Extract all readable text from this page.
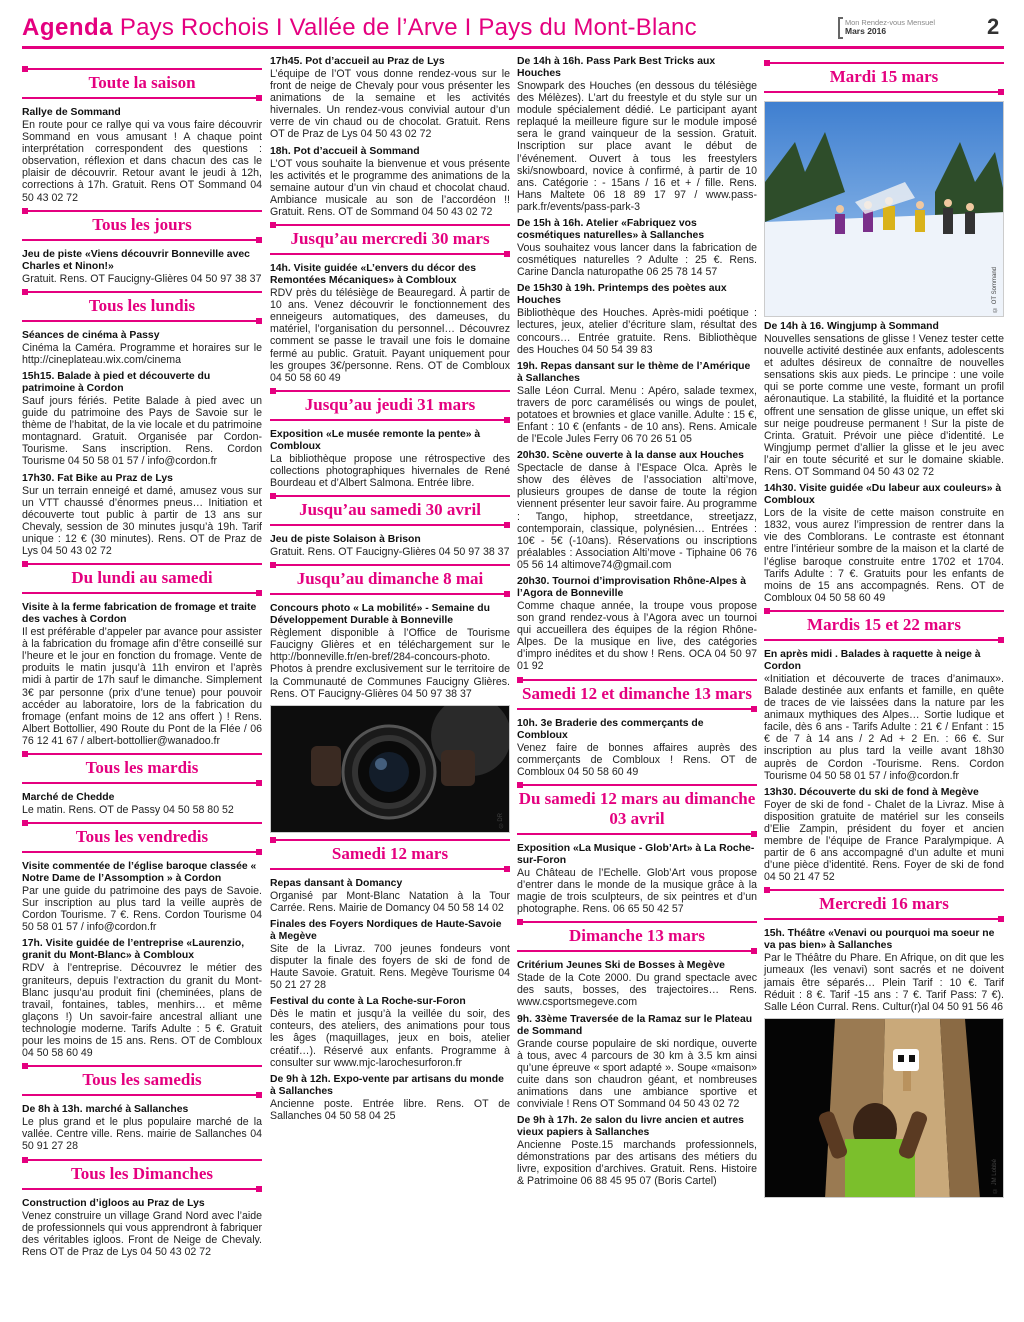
Agenda Pays Rochois I Vallée de l’Arve I Pays du Mont-Blanc	Mon Rendez-vous Mensuel
Mars 2016	2
Toute la saison
Rallye de Sommand

En route pour ce rallye qui va vous faire découvrir Sommand en vous amusant ! A chaque point interprétation correspondent des questions : observation, réflexion et dans chacun des cas le plaisir de découvrir. Retour avant le jeudi à 12h, corrections à 17h. Gratuit. Rens OT Sommand 04 50 43 02 72

Tous les jours
Jeu de piste «Viens découvrir Bonneville avec Charles et Ninon!»

Gratuit. Rens. OT Faucigny-Glières 04 50 97 38 37

Tous les lundis
Séances de cinéma à Passy

Cinéma la Caméra. Programme et horaires sur le http://cineplateau.wix.com/cinema

15h15. Balade à pied et découverte du patrimoine à Cordon

Sauf jours fériés. Petite Balade à pied avec un guide du patrimoine des Pays de Savoie sur le thème de l’habitat, de la vie locale et du patrimoine montagnard. Gratuit. Organisée par Cordon-Tourisme. Sans inscription. Rens. Cordon Tourisme 04 50 58 01 57 / info@cordon.fr

17h30. Fat Bike au Praz de Lys

Sur un terrain enneigé et damé, amusez vous sur un VTT chaussé d’énormes pneus… Initiation et découverte tout public à partir de 13 ans sur Chevaly, session de 30 minutes jusqu’à 19h. Tarif unique : 12 € (30 minutes). Rens. OT de Praz de Lys 04 50 43 02 72

Du lundi au samedi
Visite à la ferme fabrication de fromage et traite des vaches à Cordon

Il est préférable d’appeler par avance pour assister à la fabrication du fromage afin d’être conseillé sur l’heure et le jour en fonction du fromage. Vente de produits le matin jusqu’à 11h environ et l’après midi à partir de 17h sauf le dimanche. Simplement 3€ par personne (prix d’une tenue) pour pouvoir accéder au laboratoire, lors de la fabrication du fromage (enfant moins de 12 ans offert ) ! Rens. Albert Bottollier, 490 Route du Pont de la Flée / 06 76 12 41 67 / albert-bottollier@wanadoo.fr

Tous les mardis
Marché de Chedde

Le matin. Rens. OT de Passy 04 50 58 80 52

Tous les vendredis
Visite commentée de l’église baroque classée « Notre Dame de l’Assomption » à Cordon

Par une guide du patrimoine des pays de Savoie. Sur inscription au plus tard la veille auprès de Cordon Tourisme. 7 €. Rens. Cordon Tourisme 04 50 58 01 57 / info@cordon.fr

17h. Visite guidée de l’entreprise «Laurenzio, granit du Mont-Blanc» à Combloux

RDV à l’entreprise. Découvrez le métier des graniteurs, depuis l’extraction du granit du Mont-Blanc jusqu’au produit fini (cheminées, plans de travail, fontaines, tables, menhirs… et même glaçons !) Un savoir-faire ancestral alliant une technologie moderne. Tarifs Adulte : 5 €. Gratuit pour les moins de 15 ans. Rens. OT de Combloux 04 50 58 60 49

Tous les samedis
De 8h à 13h. marché à Sallanches

Le plus grand et le plus populaire marché de la vallée. Centre ville. Rens. mairie de Sallanches 04 50 91 27 28

Tous les Dimanches
Construction d’igloos au Praz de Lys

Venez construire un village Grand Nord avec l’aide de professionnels qui vous apprendront à fabriquer des véritables igloos. Front de Neige de Chevaly. Rens OT de Praz de Lys 04 50 43 02 72

17h45. Pot d’accueil au Praz de Lys

L’équipe de l’OT vous donne rendez-vous sur le front de neige de Chevaly pour vous présenter les animations de la semaine et les activités hivernales. Un rendez-vous convivial autour d’un verre de vin chaud ou de chocolat. Gratuit. Rens OT de Praz de Lys 04 50 43 02 72

18h. Pot d’accueil à Sommand

L’OT vous souhaite la bienvenue et vous présente les activités et le programme des animations de la semaine autour d’un vin chaud et chocolat chaud. Ambiance musicale au son de l’accordéon !! Gratuit. Rens. OT de Sommand 04 50 43 02 72

Jusqu’au mercredi 30 mars
14h. Visite guidée «L’envers du décor des Remontées Mécaniques» à Combloux

RDV près du télésiège de Beauregard. À partir de 10 ans. Venez découvrir le fonctionnement des enneigeurs automatiques, des dameuses, du matériel, l’organisation du personnel… Découvrez comment se passe le travail une fois le domaine fermé au public. Gratuit. Payant uniquement pour les groupes 3€/personne. Rens. OT de Combloux 04 50 58 60 49

Jusqu’au jeudi 31 mars
Exposition «Le musée remonte la pente» à Combloux

La bibliothèque propose une rétrospective des collections photographiques hivernales de René Bourdeau et d’Albert Salmona. Entrée libre.

Jusqu’au samedi 30 avril
Jeu de piste Solaison à Brison

Gratuit. Rens. OT Faucigny-Glières 04 50 97 38 37

Jusqu’au dimanche 8 mai
Concours photo « La mobilité» - Semaine du Développement Durable à Bonneville

Règlement disponible à l’Office de Tourisme Faucigny Glières et en téléchargement sur le http://bonneville.fr/en-bref/284-concours-photo. Photos à prendre exclusivement sur le territoire de la Communauté de Communes Faucigny Glières. Rens. OT Faucigny-Glières 04 50 97 38 37

©DR
Samedi 12 mars
Repas dansant à Domancy

Organisé par Mont-Blanc Natation à la Tour Carrée. Rens. Mairie de Domancy 04 50 58 14 02

Finales des Foyers Nordiques de Haute-Savoie à Megève

Site de la Livraz. 700 jeunes fondeurs vont disputer la finale des foyers de ski de fond de Haute Savoie. Gratuit. Rens. Megève Tourisme 04 50 21 27 28

Festival du conte à La Roche-sur-Foron

Dès le matin et jusqu’à la veillée du soir, des conteurs, des ateliers, des animations pour tous les âges (maquillages, jeux en bois, atelier créatif…). Réservé aux enfants. Programme à consulter sur www.mjc-larochesurforon.fr

De 9h à 12h. Expo-vente par artisans du monde à Sallanches

Ancienne poste. Entrée libre. Rens. OT de Sallanches 04 50 58 04 25

De 14h à 16h. Pass Park Best Tricks aux Houches

Snowpark des Houches (en dessous du télésiège des Mélèzes). L’art du freestyle et du style sur un module spécialement dédié. Le participant ayant replaqué la meilleure figure sur le module imposé sera le grand vainqueur de la session. Gratuit. Inscription sur place avant le début de l’événement. Ouvert à tous les freestylers ski/snowboard, novice à confirmé, à partir de 10 ans. Catégorie : - 15ans / 16 et + / fille. Rens. Hans Maltete 06 18 89 17 97 / www.pass-park.fr/events/pass-park-3

De 15h à 16h. Atelier «Fabriquez vos cosmétiques naturelles» à Sallanches

Vous souhaitez vous lancer dans la fabrication de cosmétiques naturelles ? Adulte : 25 €. Rens. Carine Dancla naturopathe 06 25 78 14 57

De 15h30 à 19h. Printemps des poètes aux Houches

Bibliothèque des Houches. Après-midi poétique : lectures, jeux, atelier d’écriture slam, résultat des concours… Entrée gratuite. Rens. Bibliothèque des Houches 04 50 54 39 83

19h. Repas dansant sur le thème de l’Amérique à Sallanches

Salle Léon Curral. Menu : Apéro, salade texmex, travers de porc caramélisés ou wings de poulet, potatoes et brownies et glace vanille. Adulte : 15 €, Enfant : 10 € (enfants - de 10 ans). Rens. Amicale de l’Ecole Jules Ferry 06 70 26 51 05

20h30. Scène ouverte à la danse aux Houches

Spectacle de danse à l’Espace Olca. Après le show des élèves de l’association alti’move, plusieurs groupes de danse de toute la région viennent présenter leur savoir faire. Au programme : Tango, hiphop, streetdance, streetjazz, contemporain, classique, polynésien… Entrées : 10€ - 5€ (-10ans). Réservations ou inscriptions préalables : Association Alti’move - Tiphaine 06 76 05 56 14 altimove74@gmail.com

20h30. Tournoi d’improvisation Rhône-Alpes à l’Agora de Bonneville

Comme chaque année, la troupe vous propose son grand rendez-vous à l’Agora avec un tournoi qui accueillera des équipes de la région Rhône-Alpes. De la musique en live, des catégories d’impro inédites et du show ! Rens. OCA 04 50 97 01 92

Samedi 12 et dimanche 13 mars
10h. 3e Braderie des commerçants de Combloux

Venez faire de bonnes affaires auprès des commerçants de Combloux ! Rens. OT de Combloux 04 50 58 60 49

Du samedi 12 mars au dimanche 03 avril
Exposition «La Musique - Glob’Art» à La Roche-sur-Foron

Au Château de l’Echelle. Glob’Art vous propose d’entrer dans le monde de la musique grâce à la magie de trois sculpteurs, de six peintres et d’un photographe. Rens. 06 65 50 42 57

Dimanche 13 mars
Critérium Jeunes Ski de Bosses à Megève

Stade de la Cote 2000. Du grand spectacle avec des sauts, bosses, des trajectoires… Rens. www.csportsmegeve.com

9h. 33ème Traversée de la Ramaz sur le Plateau de Sommand

Grande course populaire de ski nordique, ouverte à tous, avec 4 parcours de 30 km à 3.5 km ainsi qu’une épreuve « sport adapté ». Soupe «maison» cuite dans son chaudron géant, et nombreuses animations dans une ambiance sportive et conviviale ! Rens OT Sommand 04 50 43 02 72

De 9h à 17h. 2e salon du livre ancien et autres vieux papiers à Sallanches

Ancienne Poste.15 marchands professionnels, démonstrations par des artisans des métiers du livre, exposition d’archives. Gratuit. Rens. Histoire & Patrimoine 06 88 45 95 07 (Boris Cartel)

Mardi 15 mars
© OT Sommand
De 14h à 16. Wingjump à Sommand

Nouvelles sensations de glisse ! Venez tester cette nouvelle activité destinée aux enfants, adolescents et adultes désireux de connaître de nouvelles sensations skis aux pieds. Le principe : une voile qui se porte comme une veste, formant un profil aéronautique. La stabilité, la fluidité et la portance offrent une sensation de glisse unique, un effet ski sur neige poudreuse permanent ! Sur la piste de Crinta. Gratuit. Prévoir une pièce d’identité. Le Wingjump permet d’allier la glisse et le jeu avec l’air en toute sécurité et sur le domaine skiable. Rens. OT Sommand 04 50 43 02 72

14h30. Visite guidée «Du labeur aux couleurs» à Combloux

Lors de la visite de cette maison construite en 1832, vous aurez l’impression de rentrer dans la vie des Comblorans. Le contraste est étonnant entre l’intérieur sombre de la maison et la clarté de l’église baroque construite entre 1702 et 1704. Tarifs Adulte : 7 €. Gratuits pour les enfants de moins de 15 ans accompagnés. Rens. OT de Combloux 04 50 58 60 49

Mardis 15 et 22 mars
En après midi . Balades à raquette à neige à Cordon

«Initiation et découverte de traces d’animaux». Balade destinée aux enfants et famille, en quête de traces de vie laissées dans la nature par les animaux mythiques des Alpes… Sortie ludique et facile, dès 6 ans - Tarifs Adulte : 21 € / Enfant : 15 € de 7 à 14 ans / 2 Ad + 2 En. : 66 €. Sur inscription au plus tard la veille avant 18h30 auprès de Cordon -Tourisme. Rens. Cordon Tourisme 04 50 58 01 57 / info@cordon.fr

13h30. Découverte du ski de fond à Megève

Foyer de ski de fond - Chalet de la Livraz. Mise à disposition gratuite de matériel sur les conseils d’Elie Zampin, président du foyer et ancien membre de l’équipe de France Paralympique. A partir de 6 ans accompagné d’un adulte et muni d’une pièce d’identité. Rens. Foyer de ski de fond 04 50 21 47 52

Mercredi 16 mars
15h. Théâtre «Venavi ou pourquoi ma soeur ne va pas bien» à Sallanches

Par le Théâtre du Phare. En Afrique, on dit que les jumeaux (les venavi) sont sacrés et ne doivent jamais être séparés… Plein Tarif : 10 €. Tarif Réduit : 8 €. Tarif -15 ans : 7 €. Tarif Pass: 7 €). Salle Léon Curral. Rens. Cultur(r)al 04 50 91 56 46

© JM Lobbé
